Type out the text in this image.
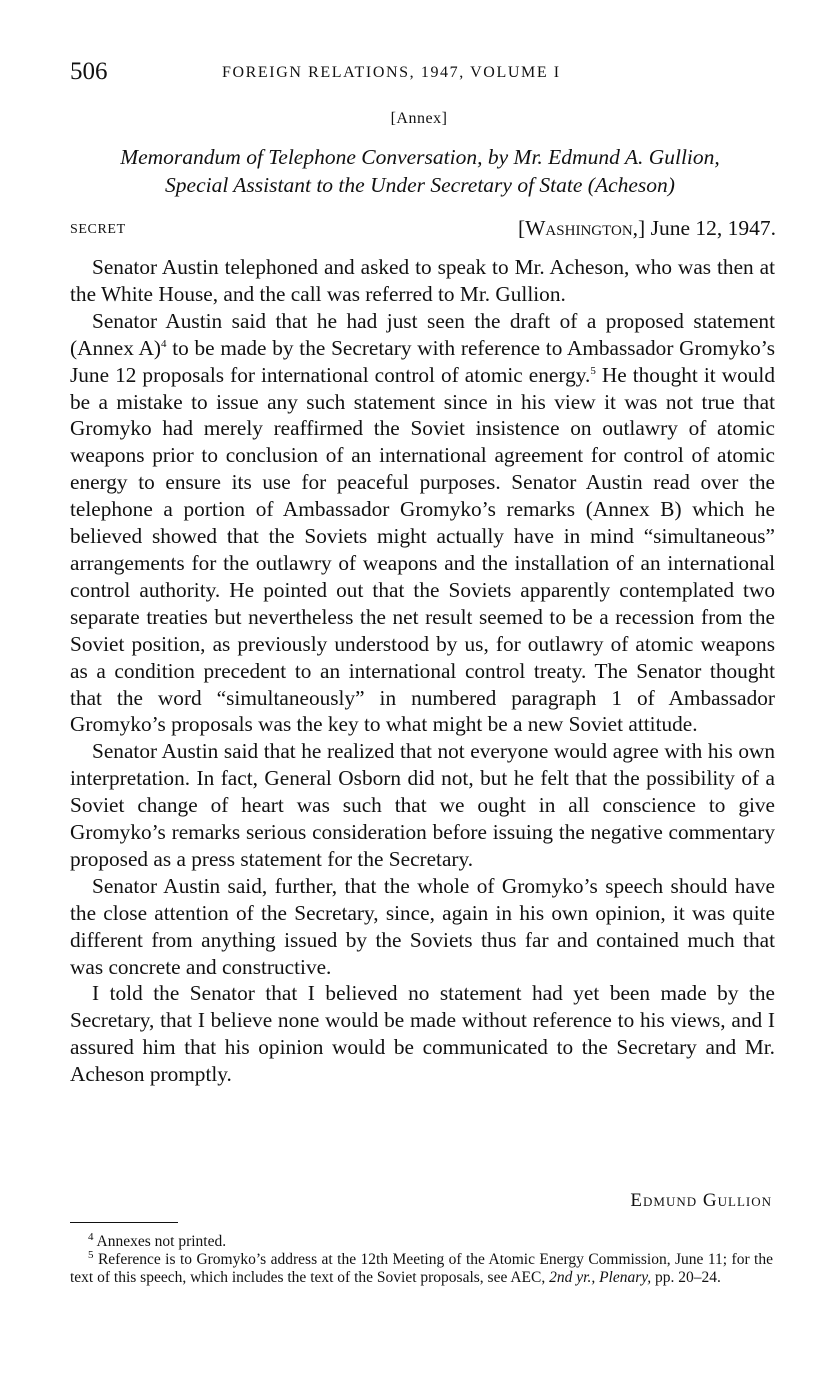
506	FOREIGN RELATIONS, 1947, VOLUME I
[Annex]
Memorandum of Telephone Conversation, by Mr. Edmund A. Gullion,
Special Assistant to the Under Secretary of State (Acheson)
SECRET	[Washington,] June 12, 1947.

Senator Austin telephoned and asked to speak to Mr. Acheson, who was then at the White House, and the call was referred to Mr. Gullion.

Senator Austin said that he had just seen the draft of a proposed statement (Annex A)$^4$ to be made by the Secretary with reference to Ambassador Gromyko’s June 12 proposals for international control of atomic energy.$^5$ He thought it would be a mistake to issue any such statement since in his view it was not true that Gromyko had merely reaffirmed the Soviet insistence on outlawry of atomic weapons prior to conclusion of an international agreement for control of atomic energy to ensure its use for peaceful purposes. Senator Austin read over the telephone a portion of Ambassador Gromyko’s remarks (Annex B) which he believed showed that the Soviets might actually have in mind “simultaneous” arrangements for the outlawry of weapons and the installation of an international control authority. He pointed out that the Soviets apparently contemplated two separate treaties but nevertheless the net result seemed to be a recession from the Soviet position, as previously understood by us, for outlawry of atomic weapons as a condition precedent to an international control treaty. The Senator thought that the word “simultaneously” in numbered paragraph 1 of Ambassador Gromyko’s proposals was the key to what might be a new Soviet attitude.

Senator Austin said that he realized that not everyone would agree with his own interpretation. In fact, General Osborn did not, but he felt that the possibility of a Soviet change of heart was such that we ought in all conscience to give Gromyko’s remarks serious consideration before issuing the negative commentary proposed as a press statement for the Secretary.

Senator Austin said, further, that the whole of Gromyko’s speech should have the close attention of the Secretary, since, again in his own opinion, it was quite different from anything issued by the Soviets thus far and contained much that was concrete and constructive.

I told the Senator that I believed no statement had yet been made by the Secretary, that I believe none would be made without reference to his views, and I assured him that his opinion would be communicated to the Secretary and Mr. Acheson promptly.

Edmund Gullion

$^4$ Annexes not printed.

$^5$ Reference is to Gromyko’s address at the 12th Meeting of the Atomic Energy Commission, June 11; for the text of this speech, which includes the text of the Soviet proposals, see AEC, 2nd yr., Plenary, pp. 20–24.
